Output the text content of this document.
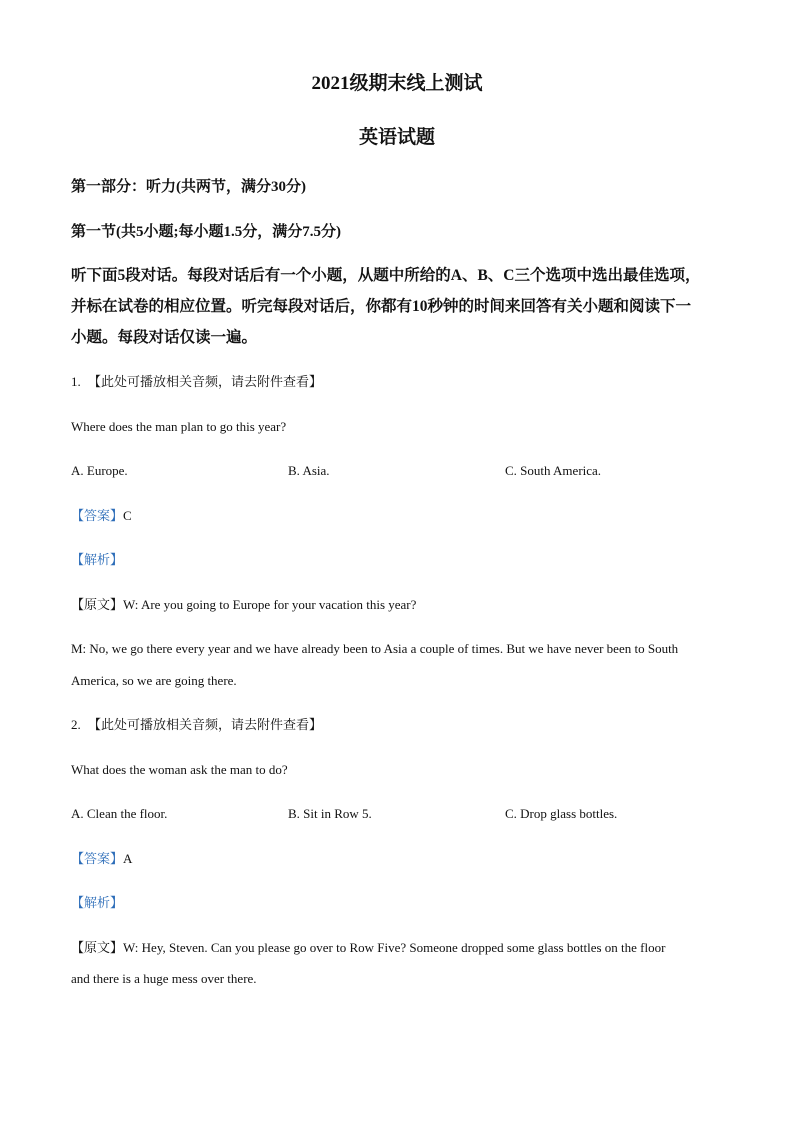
2021级期末线上测试
英语试题
第一部分：听力(共两节，满分30分)
第一节(共5小题;每小题1.5分，满分7.5分)
听下面5段对话。每段对话后有一个小题，从题中所给的A、B、C三个选项中选出最佳选项，
并标在试卷的相应位置。听完每段对话后，你都有10秒钟的时间来回答有关小题和阅读下一
小题。每段对话仅读一遍。
1. 【此处可播放相关音频，请去附件查看】
Where does the man plan to go this year?
A. Europe.	B. Asia.	C. South America.
【答案】C
【解析】
【原文】W: Are you going to Europe for your vacation this year?
M: No, we go there every year and we have already been to Asia a couple of times. But we have never been to South
America, so we are going there.
2. 【此处可播放相关音频，请去附件查看】
What does the woman ask the man to do?
A. Clean the floor.	B. Sit in Row 5.	C. Drop glass bottles.
【答案】A
【解析】
【原文】W: Hey, Steven. Can you please go over to Row Five? Someone dropped some glass bottles on the floor
and there is a huge mess over there.
